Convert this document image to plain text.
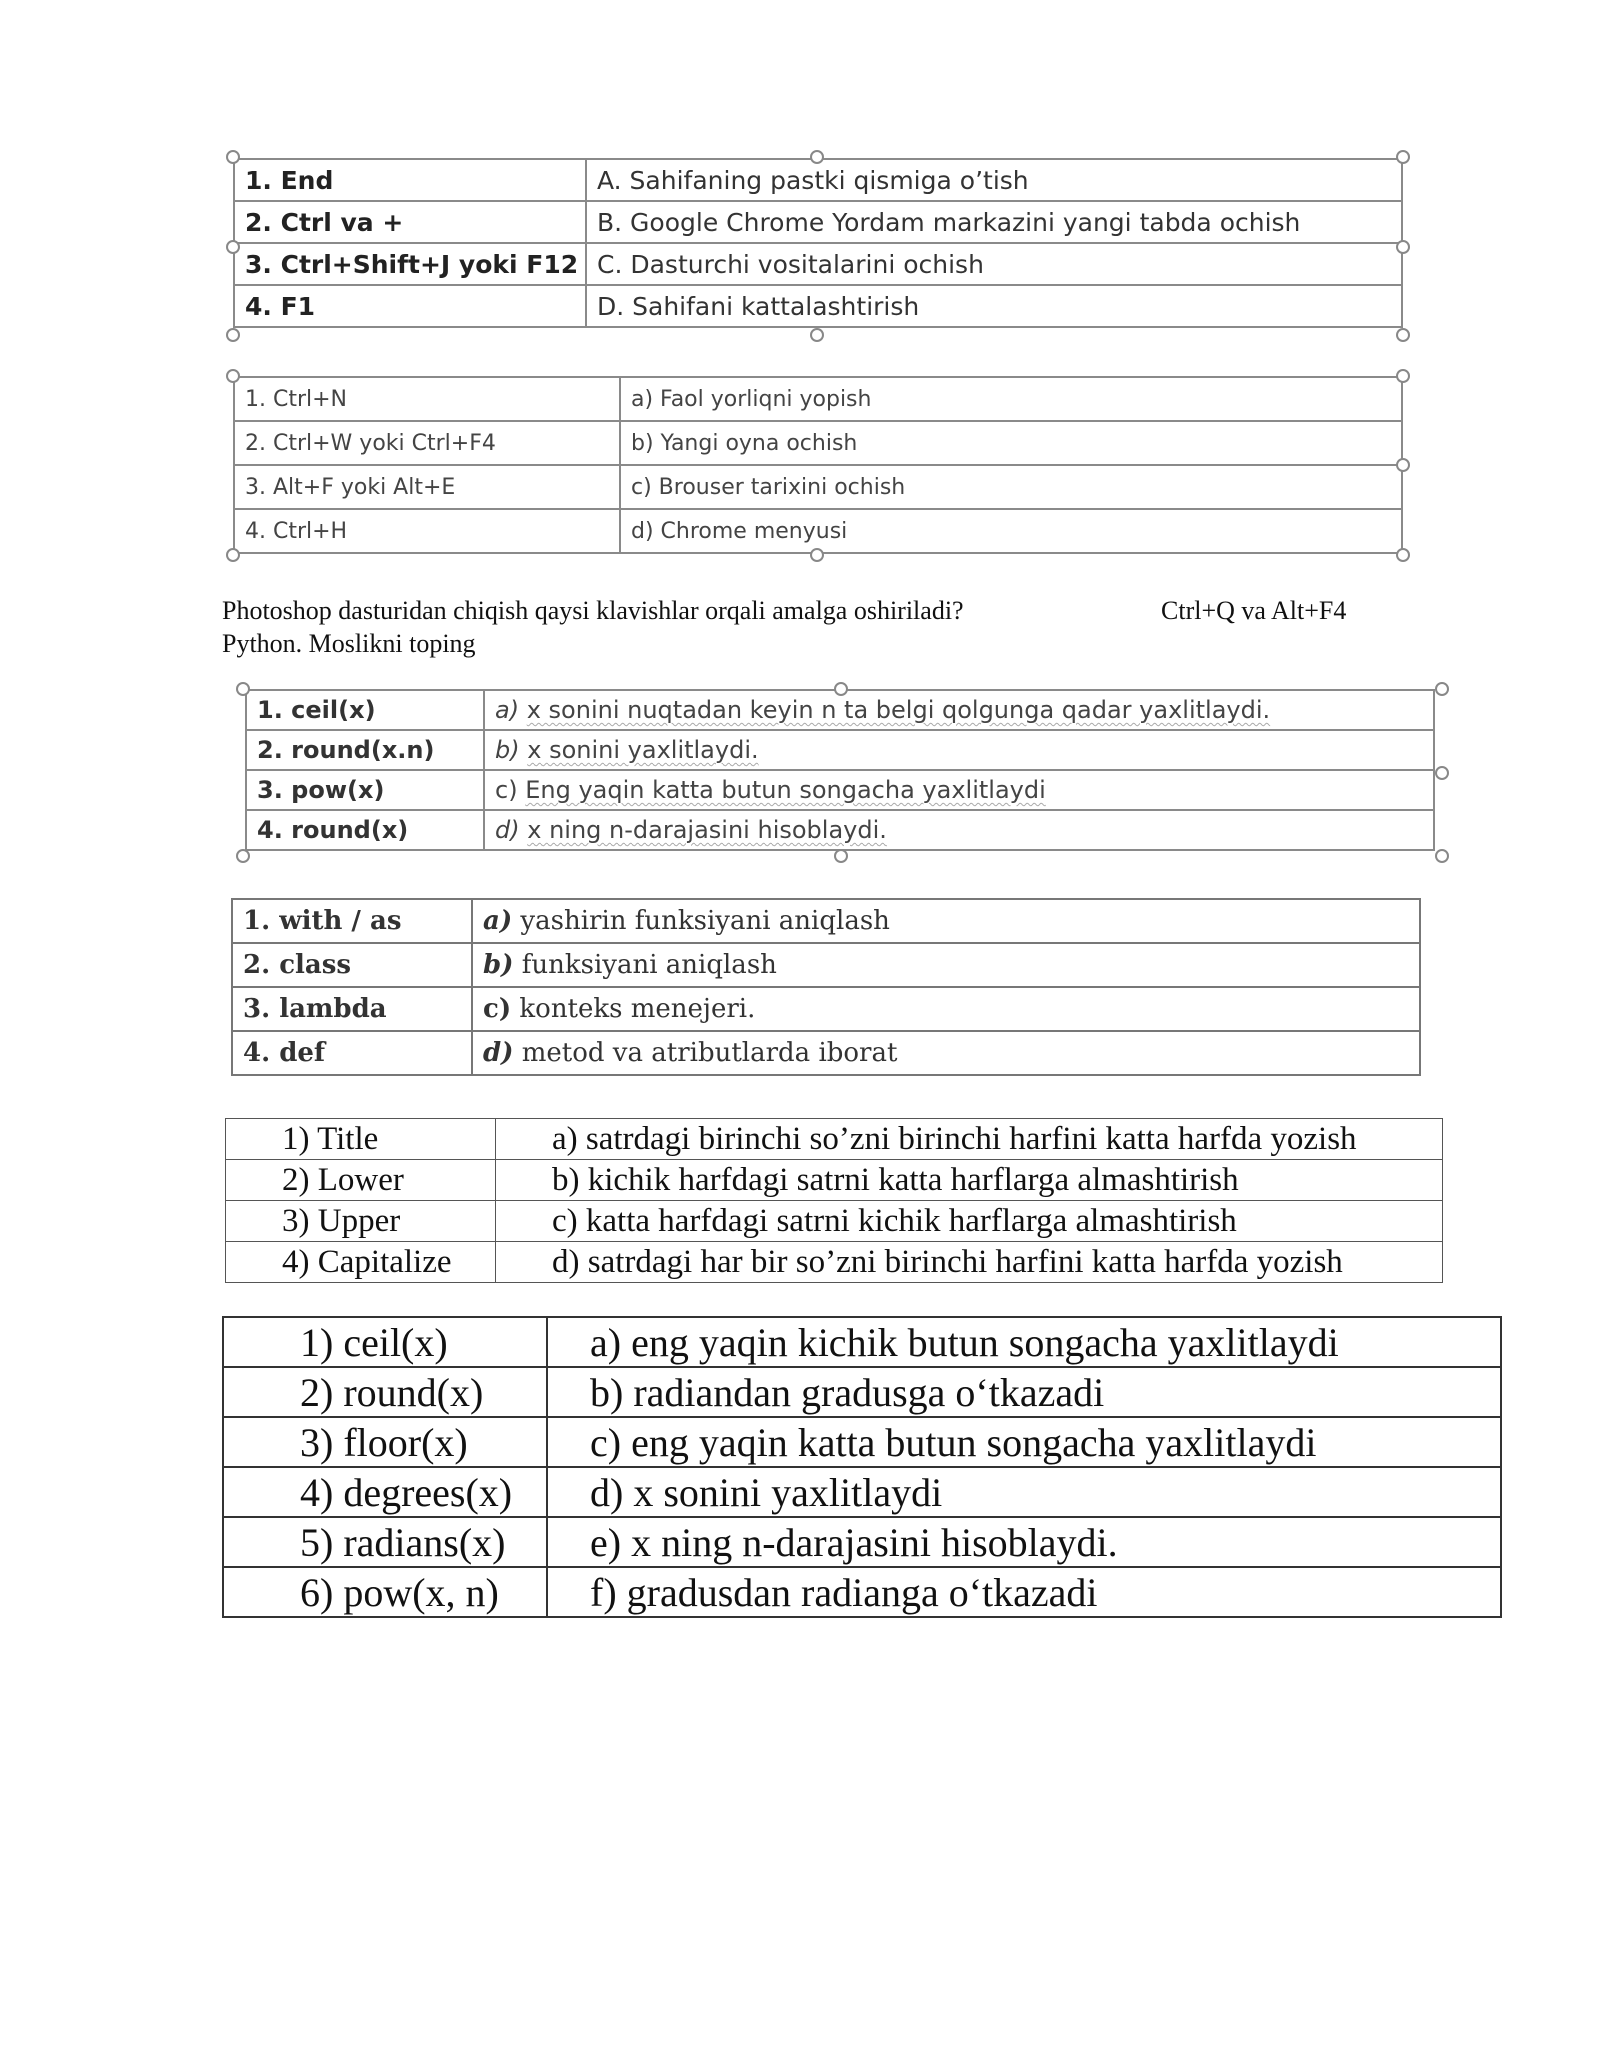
1. End	A. Sahifaning pastki qismiga o’tish
2. Ctrl va +	B. Google Chrome Yordam markazini yangi tabda ochish
3. Ctrl+Shift+J yoki F12	C. Dasturchi vositalarini ochish
4. F1	D. Sahifani kattalashtirish
1. Ctrl+N	a) Faol yorliqni yopish
2. Ctrl+W yoki Ctrl+F4	b) Yangi oyna ochish
3. Alt+F yoki Alt+E	c) Brouser tarixini ochish
4. Ctrl+H	d) Chrome menyusi
Photoshop dasturidan chiqish qaysi klavishlar orqali amalga oshiriladi?	Ctrl+Q va Alt+F4
Python. Moslikni toping
1. ceil(x)	a) x sonini nuqtadan keyin n ta belgi qolgunga qadar yaxlitlaydi.
2. round(x.n)	b) x sonini yaxlitlaydi.
3. pow(x)	c) Eng yaqin katta butun songacha yaxlitlaydi
4. round(x)	d) x ning n-darajasini hisoblaydi.
1. with / as	a) yashirin funksiyani aniqlash
2. class	b) funksiyani aniqlash
3. lambda	c) konteks menejeri.
4. def	d) metod va atributlarda iborat
1) Title	a) satrdagi birinchi so’zni birinchi harfini katta harfda yozish
2) Lower	b) kichik harfdagi satrni katta harflarga almashtirish
3) Upper	c) katta harfdagi satrni kichik harflarga almashtirish
4) Capitalize	d) satrdagi har bir so’zni birinchi harfini katta harfda yozish
1) ceil(x)	a) eng yaqin kichik butun songacha yaxlitlaydi
2) round(x)	b) radiandan gradusga o‘tkazadi
3) floor(x)	c) eng yaqin katta butun songacha yaxlitlaydi
4) degrees(x)	d) x sonini yaxlitlaydi
5) radians(x)	e) x ning n-darajasini hisoblaydi.
6) pow(x, n)	f) gradusdan radianga o‘tkazadi
